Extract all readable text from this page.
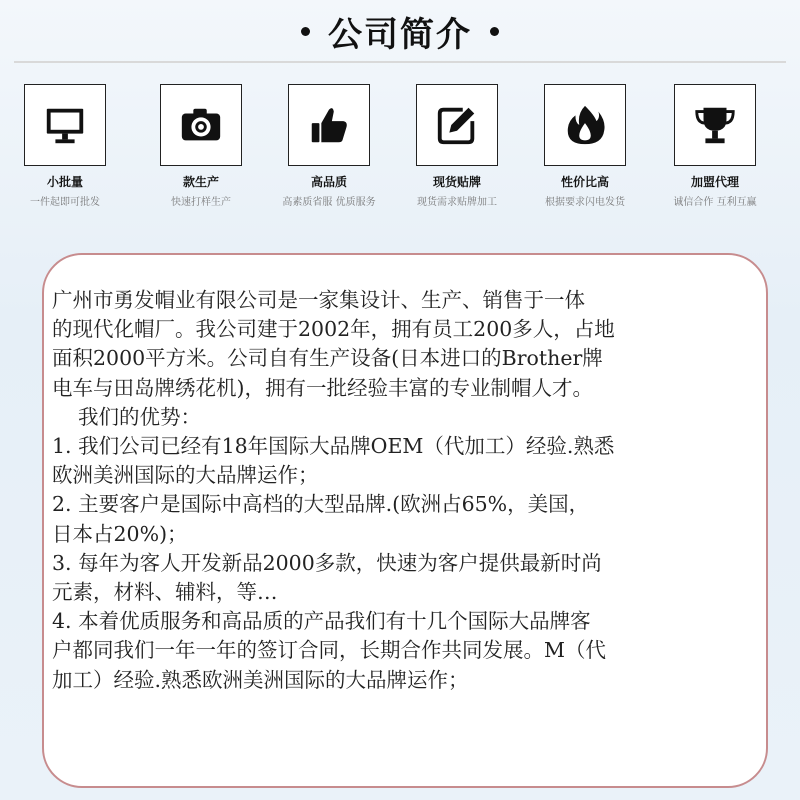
公司简介
小批量
一件起即可批发
款生产
快速打样生产
高品质
高素质省服 优质服务
现货贴牌
现货需求贴牌加工
性价比高
根据要求闪电发货
加盟代理
诚信合作 互利互赢
广州市勇发帽业有限公司是一家集设计、生产、销售于一体
的现代化帽厂。我公司建于2002年，拥有员工200多人，占地
面积2000平方米。公司自有生产设备(日本进口的Brother牌
电车与田岛牌绣花机)，拥有一批经验丰富的专业制帽人才。
我们的优势：
1. 我们公司已经有18年国际大品牌OEM（代加工）经验.熟悉
欧洲美洲国际的大品牌运作；
2. 主要客户是国际中高档的大型品牌.(欧洲占65%，美国，
日本占20%)；
3. 每年为客人开发新品2000多款，快速为客户提供最新时尚
元素，材料、辅料，等…
4. 本着优质服务和高品质的产品我们有十几个国际大品牌客
户都同我们一年一年的签订合同，长期合作共同发展。M（代
加工）经验.熟悉欧洲美洲国际的大品牌运作；
